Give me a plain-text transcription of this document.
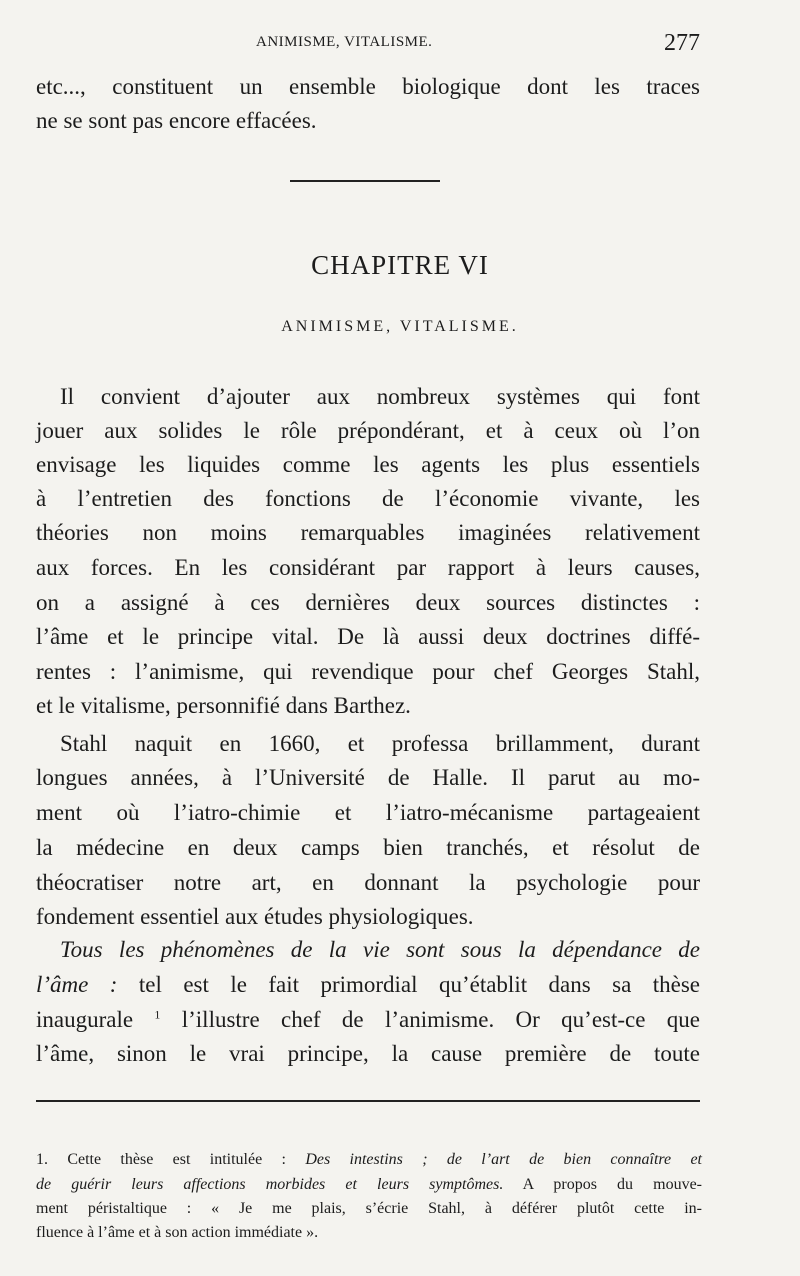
ANIMISME, VITALISME.	277
etc..., constituent un ensemble biologique dont les traces
ne se sont pas encore effacées.
CHAPITRE VI
ANIMISME, VITALISME.
Il convient d’ajouter aux nombreux systèmes qui font
jouer aux solides le rôle prépondérant, et à ceux où l’on
envisage les liquides comme les agents les plus essentiels
à l’entretien des fonctions de l’économie vivante, les
théories non moins remarquables imaginées relativement
aux forces. En les considérant par rapport à leurs causes,
on a assigné à ces dernières deux sources distinctes :
l’âme et le principe vital. De là aussi deux doctrines diffé-
rentes : l’animisme, qui revendique pour chef Georges Stahl,
et le vitalisme, personnifié dans Barthez.
Stahl naquit en 1660, et professa brillamment, durant
longues années, à l’Université de Halle. Il parut au mo-
ment où l’iatro-chimie et l’iatro-mécanisme partageaient
la médecine en deux camps bien tranchés, et résolut de
théocratiser notre art, en donnant la psychologie pour
fondement essentiel aux études physiologiques.
Tous les phénomènes de la vie sont sous la dépendance de
l’âme : tel est le fait primordial qu’établit dans sa thèse
inaugurale $^1$ l’illustre chef de l’animisme. Or qu’est-ce que
l’âme, sinon le vrai principe, la cause première de toute
1. Cette thèse est intitulée : Des intestins ; de l’art de bien connaître et
de guérir leurs affections morbides et leurs symptômes. A propos du mouve-
ment péristaltique : « Je me plais, s’écrie Stahl, à déférer plutôt cette in-
fluence à l’âme et à son action immédiate ».
